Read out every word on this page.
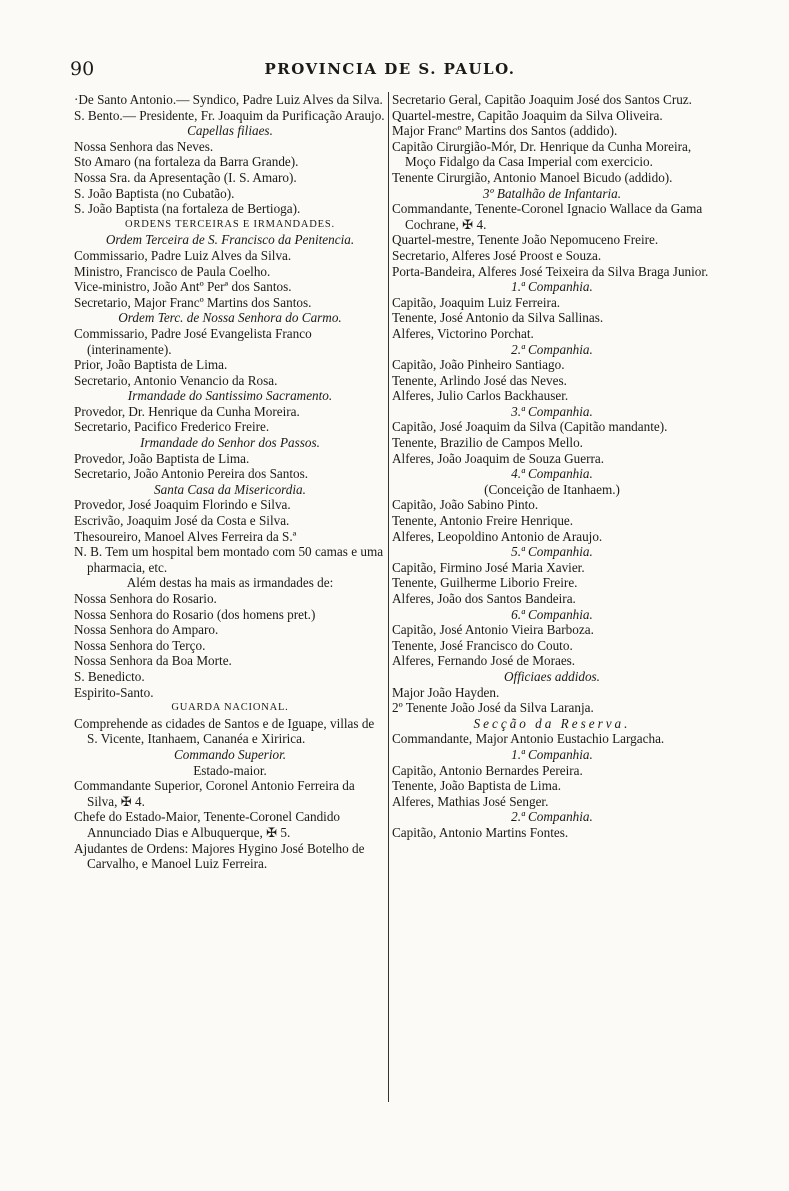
90	PROVINCIA DE S. PAULO.
·De Santo Antonio.— Syndico, Padre Luiz Alves da Silva.
S. Bento.— Presidente, Fr. Joaquim da Purificação Araujo.
Capellas filiaes.
Nossa Senhora das Neves.
Sto Amaro (na fortaleza da Barra Grande).
Nossa Sra. da Apresentação (I. S. Amaro).
S. João Baptista (no Cubatão).
S. João Baptista (na fortaleza de Bertioga).
ORDENS TERCEIRAS E IRMANDADES.
Ordem Terceira de S. Francisco da Penitencia.
Commissario, Padre Luiz Alves da Silva.
Ministro, Francisco de Paula Coelho.
Vice-ministro, João Antº Perª dos Santos.
Secretario, Major Francº Martins dos Santos.
Ordem Terc. de Nossa Senhora do Carmo.
Commissario, Padre José Evangelista Franco (interinamente).
Prior, João Baptista de Lima.
Secretario, Antonio Venancio da Rosa.
Irmandade do Santissimo Sacramento.
Provedor, Dr. Henrique da Cunha Moreira.
Secretario, Pacifico Frederico Freire.
Irmandade do Senhor dos Passos.
Provedor, João Baptista de Lima.
Secretario, João Antonio Pereira dos Santos.
Santa Casa da Misericordia.
Provedor, José Joaquim Florindo e Silva.
Escrivão, Joaquim José da Costa e Silva.
Thesoureiro, Manoel Alves Ferreira da S.ª
N. B. Tem um hospital bem montado com 50 camas e uma pharmacia, etc.
Além destas ha mais as irmandades de:
Nossa Senhora do Rosario.
Nossa Senhora do Rosario (dos homens pret.)
Nossa Senhora do Amparo.
Nossa Senhora do Terço.
Nossa Senhora da Boa Morte.
S. Benedicto.
Espirito-Santo.
GUARDA NACIONAL.
Comprehende as cidades de Santos e de Iguape, villas de S. Vicente, Itanhaem, Cananéa e Xiririca.
Commando Superior.
Estado-maior.
Commandante Superior, Coronel Antonio Ferreira da Silva, ✠ 4.
Chefe do Estado-Maior, Tenente-Coronel Candido Annunciado Dias e Albuquerque, ✠ 5.
Ajudantes de Ordens: Majores Hygino José Botelho de Carvalho, e Manoel Luiz Ferreira.
Secretario Geral, Capitão Joaquim José dos Santos Cruz.
Quartel-mestre, Capitão Joaquim da Silva Oliveira.
Major Francº Martins dos Santos (addido).
Capitão Cirurgião-Mór, Dr. Henrique da Cunha Moreira, Moço Fidalgo da Casa Imperial com exercicio.
Tenente Cirurgião, Antonio Manoel Bicudo (addido).
3º Batalhão de Infantaria.
Commandante, Tenente-Coronel Ignacio Wallace da Gama Cochrane, ✠ 4.
Quartel-mestre, Tenente João Nepomuceno Freire.
Secretario, Alferes José Proost e Souza.
Porta-Bandeira, Alferes José Teixeira da Silva Braga Junior.
1.ª Companhia.
Capitão, Joaquim Luiz Ferreira.
Tenente, José Antonio da Silva Sallinas.
Alferes, Victorino Porchat.
2.ª Companhia.
Capitão, João Pinheiro Santiago.
Tenente, Arlindo José das Neves.
Alferes, Julio Carlos Backhauser.
3.ª Companhia.
Capitão, José Joaquim da Silva (Capitão mandante).
Tenente, Brazilio de Campos Mello.
Alferes, João Joaquim de Souza Guerra.
4.ª Companhia.
(Conceição de Itanhaem.)
Capitão, João Sabino Pinto.
Tenente, Antonio Freire Henrique.
Alferes, Leopoldino Antonio de Araujo.
5.ª Companhia.
Capitão, Firmino José Maria Xavier.
Tenente, Guilherme Liborio Freire.
Alferes, João dos Santos Bandeira.
6.ª Companhia.
Capitão, José Antonio Vieira Barboza.
Tenente, José Francisco do Couto.
Alferes, Fernando José de Moraes.
Officiaes addidos.
Major João Hayden.
2º Tenente João José da Silva Laranja.
Secção da Reserva.
Commandante, Major Antonio Eustachio Largacha.
1.ª Companhia.
Capitão, Antonio Bernardes Pereira.
Tenente, João Baptista de Lima.
Alferes, Mathias José Senger.
2.ª Companhia.
Capitão, Antonio Martins Fontes.
